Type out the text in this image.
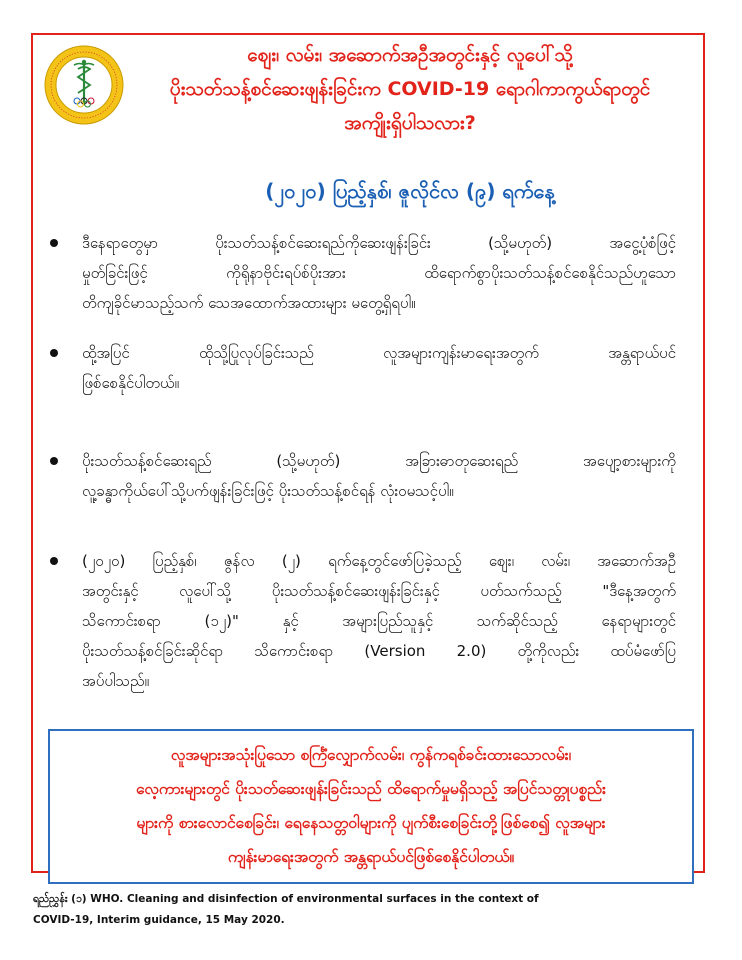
စျေး၊ လမ်း၊ အဆောက်အဦအတွင်းနှင့် လူပေါ်သို့
ပိုးသတ်သန့်စင်ဆေးဖျန်းခြင်းက COVID-19 ရောဂါကာကွယ်ရာတွင်
အကျိုးရှိပါသလား?
(၂၀၂၀) ပြည့်နှစ်၊ ဇူလိုင်လ (၉) ရက်နေ့
ဒီနေရာတွေမှာ ပိုးသတ်သန့်စင်ဆေးရည်ကိုဆေးဖျန်းခြင်း (သို့မဟုတ်) အငွေ့ပုံစံဖြင့်
မှုတ်ခြင်းဖြင့် ကိုရိုနာဗိုင်းရပ်စ်ပိုးအား ထိရောက်စွာပိုးသတ်သန့်စင်စေနိုင်သည်ဟူသော
တိကျခိုင်မာသည့်သက် သေအထောက်အထားများ မတွေ့ရှိရပါ။
ထို့အပြင် ထိုသို့ပြုလုပ်ခြင်းသည် လူအများကျန်းမာရေးအတွက် အန္တရာယ်ပင်
ဖြစ်စေနိုင်ပါတယ်။
ပိုးသတ်သန့်စင်ဆေးရည် (သို့မဟုတ်) အခြားဓာတုဆေးရည် အပျော့စားများကို
လူ့ခန္ဓာကိုယ်ပေါ်သို့ပက်ဖျန်းခြင်းဖြင့် ပိုးသတ်သန့်စင်ရန် လုံးဝမသင့်ပါ။
(၂၀၂၀) ပြည့်နှစ်၊ ဇွန်လ (၂) ရက်နေ့တွင်ဖော်ပြခဲ့သည့် စျေး၊ လမ်း၊ အဆောက်အဦ
အတွင်းနှင့် လူပေါ်သို့ ပိုးသတ်သန့်စင်ဆေးဖျန်းခြင်းနှင့် ပတ်သက်သည့် "ဒီနေ့အတွက်
သိကောင်းစရာ (၁၂)" နှင့် အများပြည်သူနှင့် သက်ဆိုင်သည့် နေရာများတွင်
ပိုးသတ်သန့်စင်ခြင်းဆိုင်ရာ သိကောင်းစရာ (Version 2.0) တို့ကိုလည်း ထပ်မံဖော်ပြ
အပ်ပါသည်။
လူအများအသုံးပြုသော စင်္ကြံလျှောက်လမ်း၊ ကွန်ကရစ်ခင်းထားသောလမ်း၊
လေ့ကားများတွင် ပိုးသတ်ဆေးဖျန်းခြင်းသည် ထိရောက်မှုမရှိသည့် အပြင်သတ္တုပစ္စည်း
များကို စားလောင်စေခြင်း၊ ရေနေသတ္တဝါများကို ပျက်စီးစေခြင်းတို့ဖြစ်စေ၍ လူအများ
ကျန်းမာရေးအတွက် အန္တရာယ်ပင်ဖြစ်စေနိုင်ပါတယ်။
ရည်ညွှန်း (၁) WHO. Cleaning and disinfection of environmental surfaces in the context of
COVID-19, Interim guidance, 15 May 2020.
